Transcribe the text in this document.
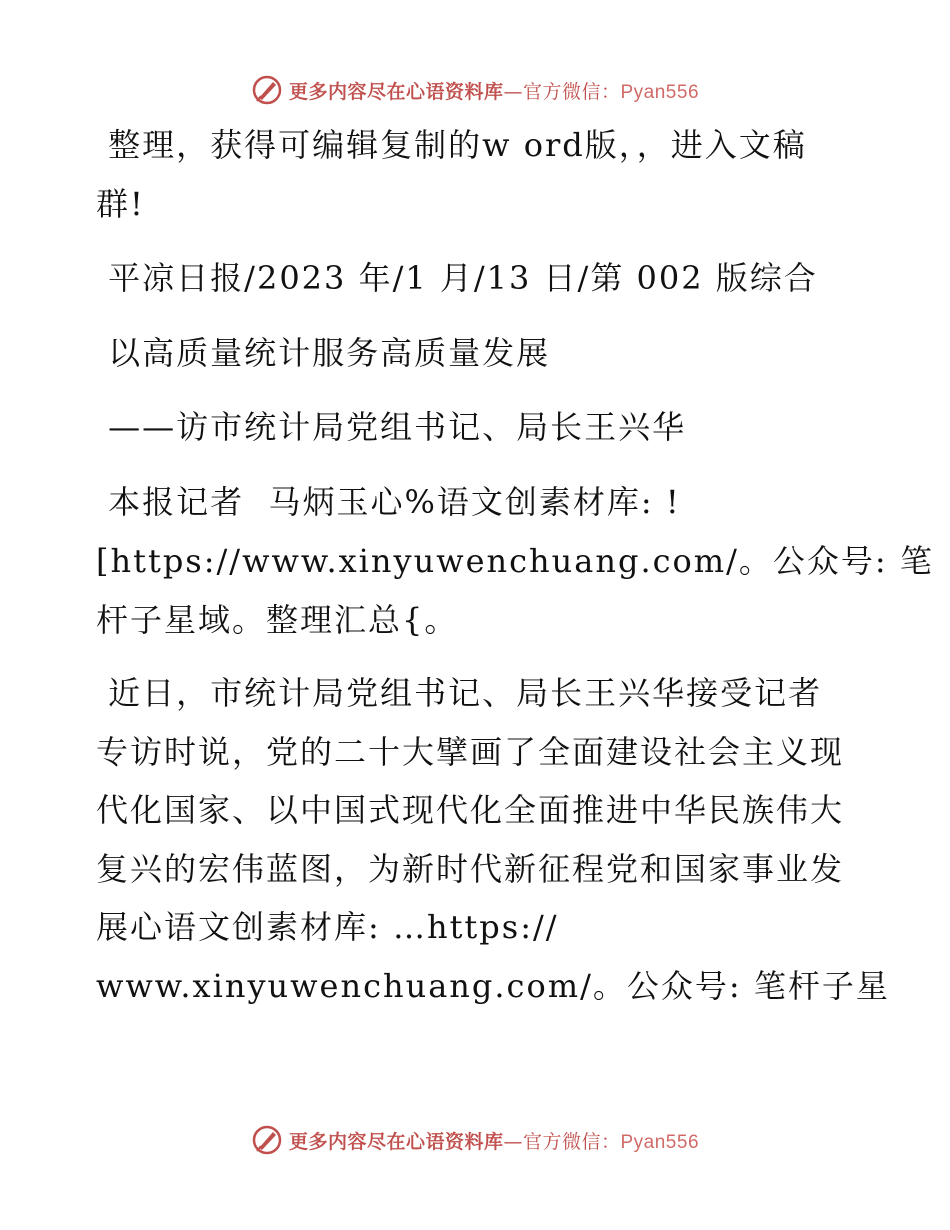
更多内容尽在心语资料库—官方微信：Pyan556
整理，获得可编辑复制的w ord版，，进入文稿
群!
平凉日报/2023 年/1 月/13 日/第 002 版综合
以高质量统计服务高质量发展
——访市统计局党组书记、局长王兴华
本报记者  马炳玉心%语文创素材库: !
[https://www.xinyuwenchuang.com/。公众号: 笔
杆子星域。整理汇总{。
近日，市统计局党组书记、局长王兴华接受记者
专访时说，党的二十大擘画了全面建设社会主义现
代化国家、以中国式现代化全面推进中华民族伟大
复兴的宏伟蓝图，为新时代新征程党和国家事业发
展心语文创素材库: …https://
www.xinyuwenchuang.com/。公众号: 笔杆子星
更多内容尽在心语资料库—官方微信：Pyan556
